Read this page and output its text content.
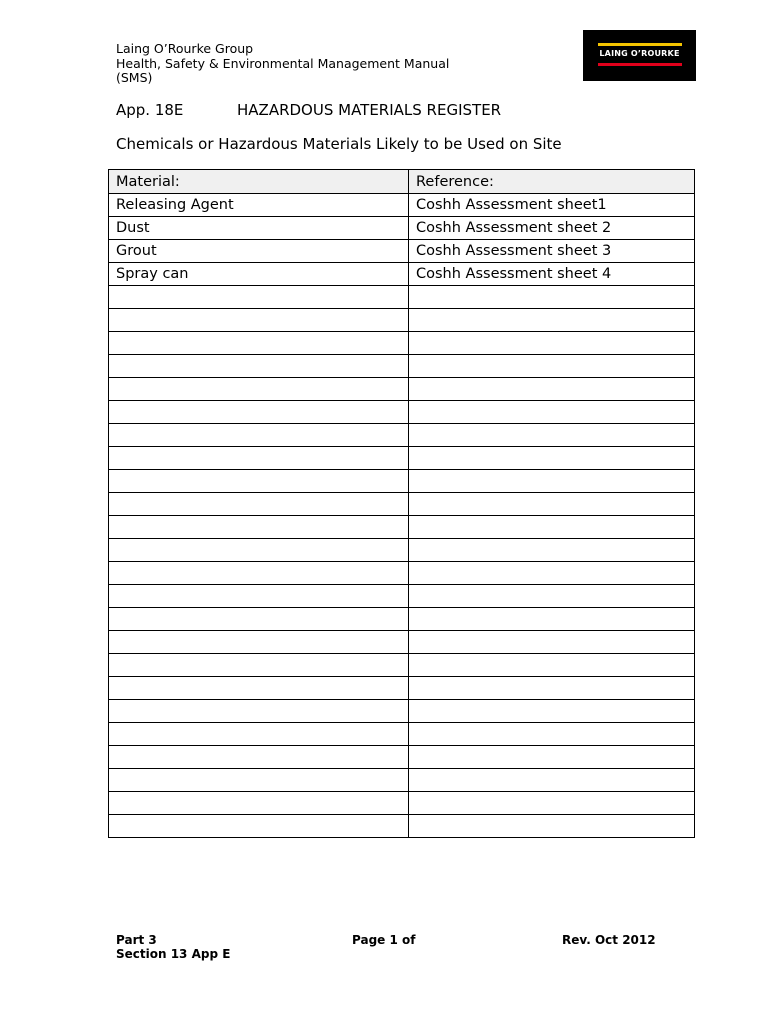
Laing O’Rourke Group
Health, Safety & Environmental Management Manual
(SMS)
LAING O’ROURKE
App. 18E	HAZARDOUS MATERIALS REGISTER
Chemicals or Hazardous Materials Likely to be Used on Site
Material:	Reference:
Releasing Agent	Coshh Assessment sheet1
Dust	Coshh Assessment sheet 2
Grout	Coshh Assessment sheet 3
Spray can	Coshh Assessment sheet 4

Part 3
Section 13 App E
Page 1 of	Rev. Oct 2012
